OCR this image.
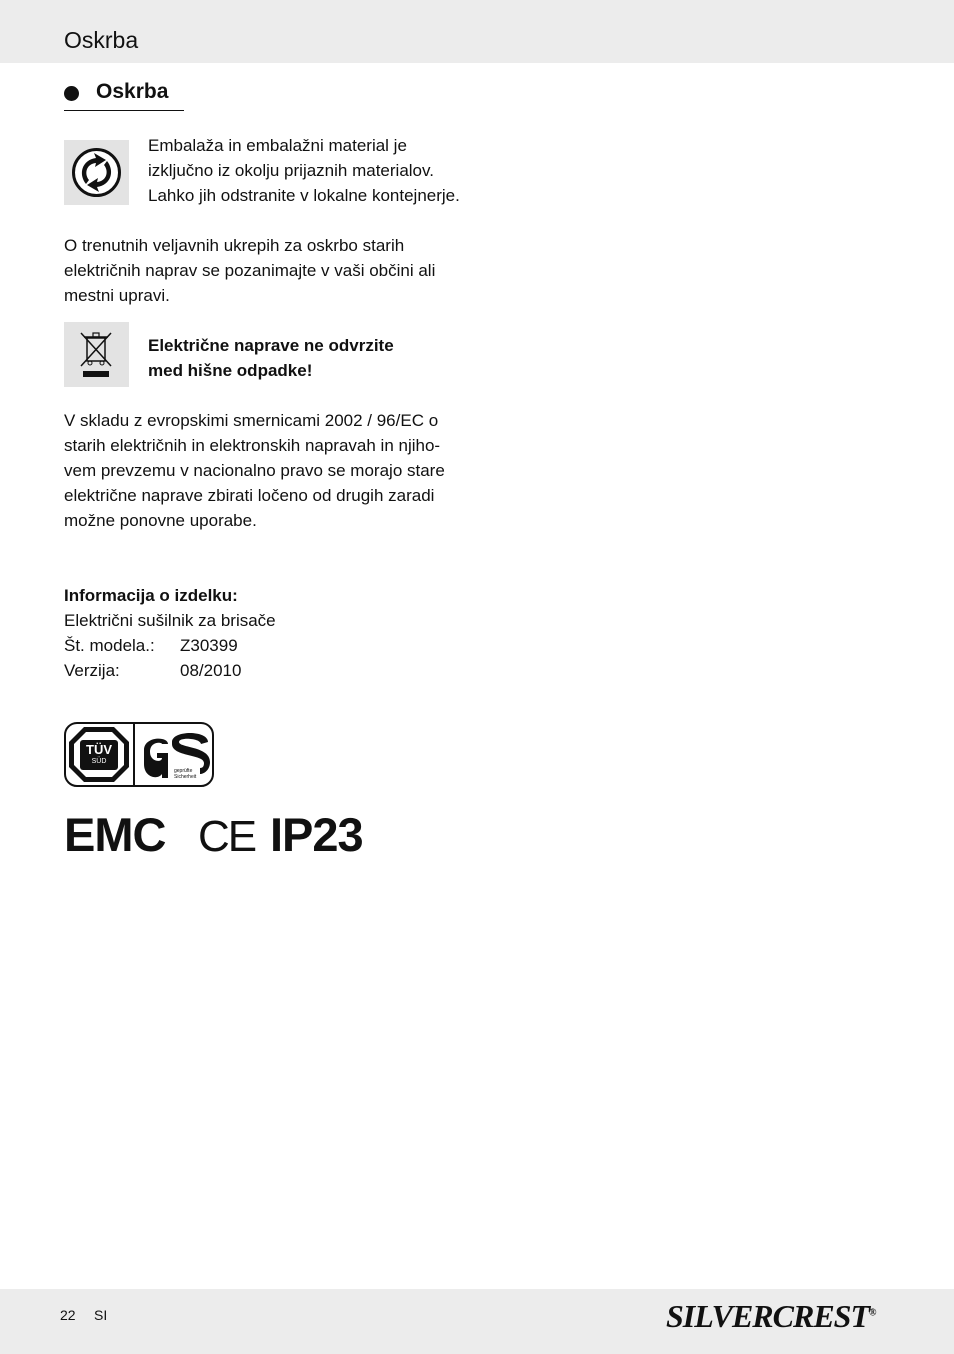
Oskrba
Oskrba
Embalaža in embalažni material je
izključno iz okolju prijaznih materialov.
Lahko jih odstranite v lokalne kontejnerje.
O trenutnih veljavnih ukrepih za oskrbo starih
električnih naprav se pozanimajte v vaši občini ali
mestni upravi.
Električne naprave ne odvrzite
med hišne odpadke!
V skladu z evropskimi smernicami 2002 / 96/EC o
starih električnih in elektronskih napravah in njiho-
vem prevzemu v nacionalno pravo se morajo stare
električne naprave zbirati ločeno od drugih zaradi
možne ponovne uporabe.
Informacija o izdelku:
Električni sušilnik za brisače
Št. modela.: Z30399
Verzija:	08/2010
TÜV
SÜD
geprüfte
Sicherheit
EMC CE IP23
22 SI	SILVERCREST®
